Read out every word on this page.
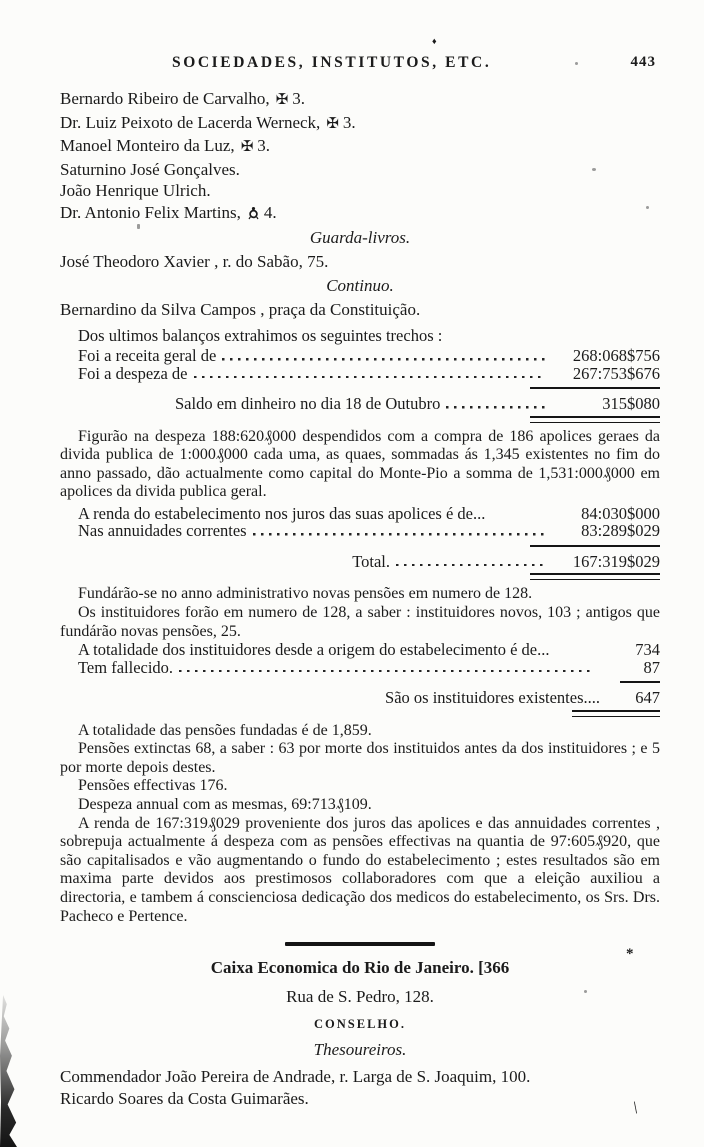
*
\
♦
SOCIEDADES, INSTITUTOS, ETC.	443
Bernardo Ribeiro de Carvalho, ✠ 3.
Dr. Luiz Peixoto de Lacerda Werneck, ✠ 3.
Manoel Monteiro da Luz, ✠ 3.
Saturnino José Gonçalves.
João Henrique Ulrich.
Dr. Antonio Felix Martins, 4.
Guarda-livros.
José Theodoro Xavier , r. do Sabão, 75.
Continuo.
Bernardino da Silva Campos , praça da Constituição.
Dos ultimos balanços extrahimos os seguintes trechos :
Foi a receita geral de	268:068$756
Foi a despeza de	267:753$676
Saldo em dinheiro no dia 18 de Outubro	315$080

Figurão na despeza 188:620₰000 despendidos com a compra de 186 apolices geraes da divida publica de 1:000₰000 cada uma, as quaes, sommadas ás 1,345 existentes no fim do anno passado, dão actualmente como capital do Monte-Pio a somma de 1,531:000₰000 em apolices da divida publica geral.

A renda do estabelecimento nos juros das suas apolices é de...	84:030$000
Nas annuidades correntes	83:289$029
Total.	167:319$029

Fundárão-se no anno administrativo novas pensões em numero de 128.

Os instituidores forão em numero de 128, a saber : instituidores novos, 103 ; antigos que fundárão novas pensões, 25.

A totalidade dos instituidores desde a origem do estabelecimento é de...	734
Tem fallecido.	87
São os instituidores existentes....	647

A totalidade das pensões fundadas é de 1,859.

Pensões extinctas 68, a saber : 63 por morte dos instituidos antes da dos instituidores ; e 5 por morte depois destes.

Pensões effectivas 176.

Despeza annual com as mesmas, 69:713₰109.

A renda de 167:319₰029 proveniente dos juros das apolices e das annuidades correntes , sobrepuja actualmente á despeza com as pensões effectivas na quantia de 97:605₰920, que são capitalisados e vão augmentando o fundo do estabelecimento ; estes resultados são em maxima parte devidos aos prestimosos collaboradores com que a eleição auxiliou a directoria, e tambem á conscienciosa dedicação dos medicos do estabelecimento, os Srs. Drs. Pacheco e Pertence.

Caixa Economica do Rio de Janeiro. [366
Rua de S. Pedro, 128.
CONSELHO.
Thesoureiros.
Commendador João Pereira de Andrade, r. Larga de S. Joaquim, 100.
Ricardo Soares da Costa Guimarães.
